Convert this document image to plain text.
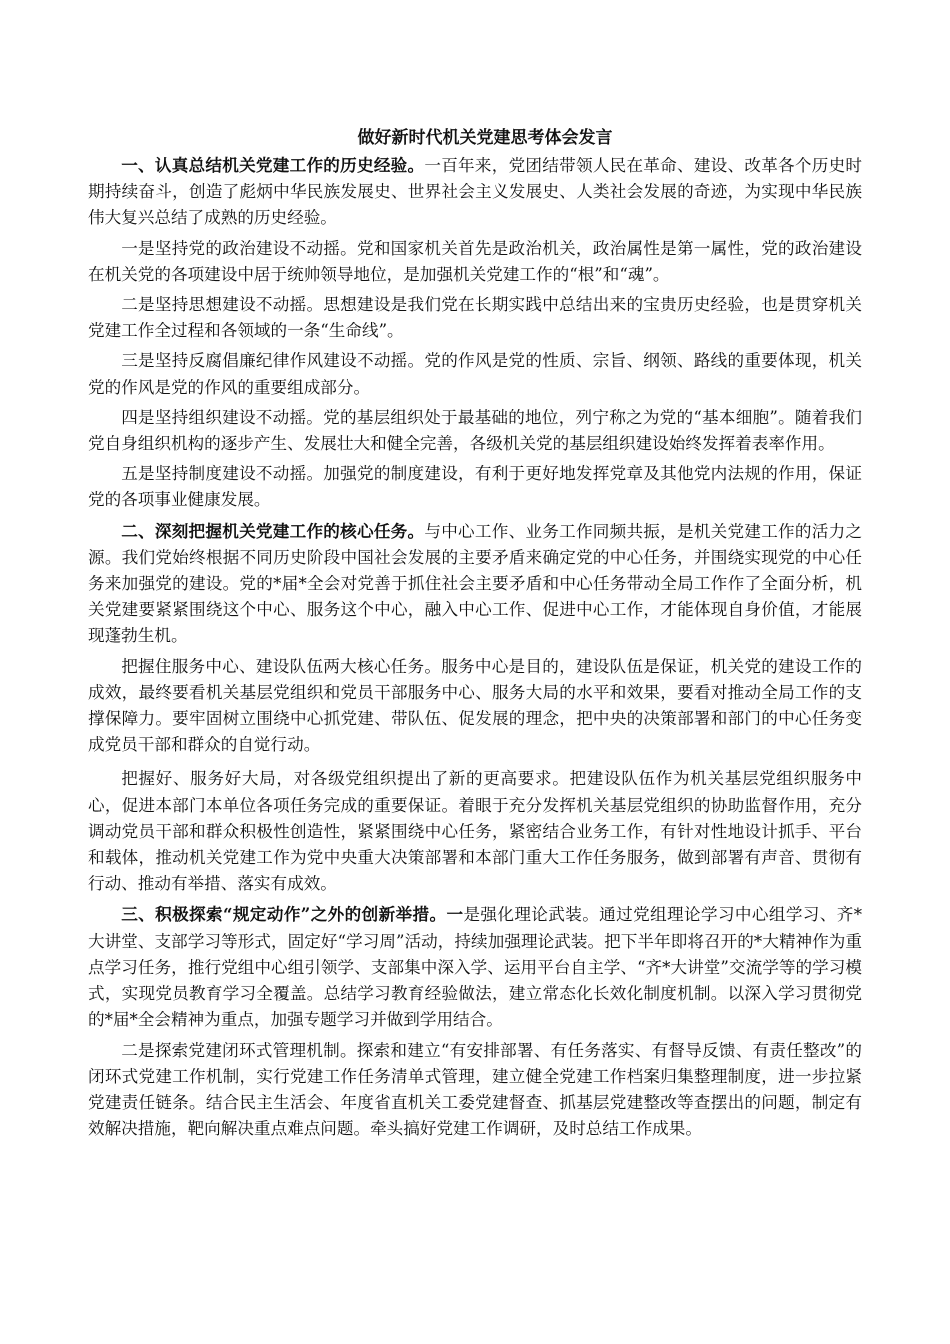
做好新时代机关党建思考体会发言

一、认真总结机关党建工作的历史经验。一百年来，党团结带领人民在革命、建设、改革各个历史时期持续奋斗，创造了彪炳中华民族发展史、世界社会主义发展史、人类社会发展的奇迹，为实现中华民族伟大复兴总结了成熟的历史经验。

一是坚持党的政治建设不动摇。党和国家机关首先是政治机关，政治属性是第一属性，党的政治建设在机关党的各项建设中居于统帅领导地位，是加强机关党建工作的“根”和“魂”。

二是坚持思想建设不动摇。思想建设是我们党在长期实践中总结出来的宝贵历史经验，也是贯穿机关党建工作全过程和各领域的一条“生命线”。

三是坚持反腐倡廉纪律作风建设不动摇。党的作风是党的性质、宗旨、纲领、路线的重要体现，机关党的作风是党的作风的重要组成部分。

四是坚持组织建设不动摇。党的基层组织处于最基础的地位，列宁称之为党的“基本细胞”。随着我们党自身组织机构的逐步产生、发展壮大和健全完善，各级机关党的基层组织建设始终发挥着表率作用。

五是坚持制度建设不动摇。加强党的制度建设，有利于更好地发挥党章及其他党内法规的作用，保证党的各项事业健康发展。

二、深刻把握机关党建工作的核心任务。与中心工作、业务工作同频共振，是机关党建工作的活力之源。我们党始终根据不同历史阶段中国社会发展的主要矛盾来确定党的中心任务，并围绕实现党的中心任务来加强党的建设。党的*届*全会对党善于抓住社会主要矛盾和中心任务带动全局工作作了全面分析，机关党建要紧紧围绕这个中心、服务这个中心，融入中心工作、促进中心工作，才能体现自身价值，才能展现蓬勃生机。

把握住服务中心、建设队伍两大核心任务。服务中心是目的，建设队伍是保证，机关党的建设工作的成效，最终要看机关基层党组织和党员干部服务中心、服务大局的水平和效果，要看对推动全局工作的支撑保障力。要牢固树立围绕中心抓党建、带队伍、促发展的理念，把中央的决策部署和部门的中心任务变成党员干部和群众的自觉行动。

把握好、服务好大局，对各级党组织提出了新的更高要求。把建设队伍作为机关基层党组织服务中心，促进本部门本单位各项任务完成的重要保证。着眼于充分发挥机关基层党组织的协助监督作用，充分调动党员干部和群众积极性创造性，紧紧围绕中心任务，紧密结合业务工作，有针对性地设计抓手、平台和载体，推动机关党建工作为党中央重大决策部署和本部门重大工作任务服务，做到部署有声音、贯彻有行动、推动有举措、落实有成效。

三、积极探索“规定动作”之外的创新举措。一是强化理论武装。通过党组理论学习中心组学习、齐*大讲堂、支部学习等形式，固定好“学习周”活动，持续加强理论武装。把下半年即将召开的*大精神作为重点学习任务，推行党组中心组引领学、支部集中深入学、运用平台自主学、“齐*大讲堂”交流学等的学习模式，实现党员教育学习全覆盖。总结学习教育经验做法，建立常态化长效化制度机制。以深入学习贯彻党的*届*全会精神为重点，加强专题学习并做到学用结合。

二是探索党建闭环式管理机制。探索和建立“有安排部署、有任务落实、有督导反馈、有责任整改”的闭环式党建工作机制，实行党建工作任务清单式管理，建立健全党建工作档案归集整理制度，进一步拉紧党建责任链条。结合民主生活会、年度省直机关工委党建督查、抓基层党建整改等查摆出的问题，制定有效解决措施，靶向解决重点难点问题。牵头搞好党建工作调研，及时总结工作成果。
